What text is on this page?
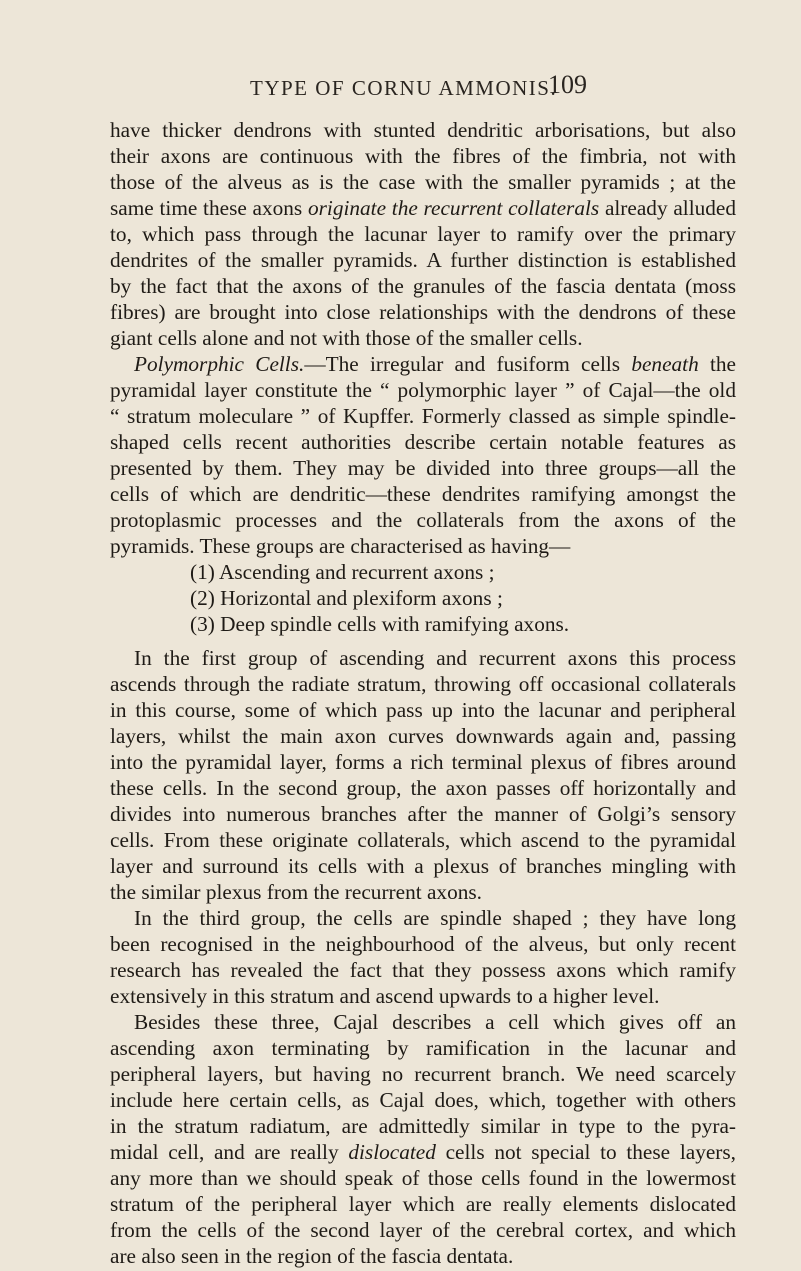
TYPE OF CORNU AMMONIS.
109
have thicker dendrons with stunted dendritic arborisations, but also
their axons are continuous with the fibres of the fimbria, not with
those of the alveus as is the case with the smaller pyramids ; at the
same time these axons originate the recurrent collaterals already alluded
to, which pass through the lacunar layer to ramify over the primary
dendrites of the smaller pyramids. A further distinction is established
by the fact that the axons of the granules of the fascia dentata (moss
fibres) are brought into close relationships with the dendrons of these
giant cells alone and not with those of the smaller cells.
Polymorphic Cells.—The irregular and fusiform cells beneath the
pyramidal layer constitute the “ polymorphic layer ” of Cajal—the old
“ stratum moleculare ” of Kupffer. Formerly classed as simple spindle-
shaped cells recent authorities describe certain notable features as
presented by them. They may be divided into three groups—all the
cells of which are dendritic—these dendrites ramifying amongst the
protoplasmic processes and the collaterals from the axons of the
pyramids. These groups are characterised as having—
(1) Ascending and recurrent axons ;
(2) Horizontal and plexiform axons ;
(3) Deep spindle cells with ramifying axons.
In the first group of ascending and recurrent axons this process
ascends through the radiate stratum, throwing off occasional collaterals
in this course, some of which pass up into the lacunar and peripheral
layers, whilst the main axon curves downwards again and, passing
into the pyramidal layer, forms a rich terminal plexus of fibres around
these cells. In the second group, the axon passes off horizontally and
divides into numerous branches after the manner of Golgi’s sensory
cells. From these originate collaterals, which ascend to the pyramidal
layer and surround its cells with a plexus of branches mingling with
the similar plexus from the recurrent axons.
In the third group, the cells are spindle shaped ; they have long
been recognised in the neighbourhood of the alveus, but only recent
research has revealed the fact that they possess axons which ramify
extensively in this stratum and ascend upwards to a higher level.
Besides these three, Cajal describes a cell which gives off an
ascending axon terminating by ramification in the lacunar and
peripheral layers, but having no recurrent branch. We need scarcely
include here certain cells, as Cajal does, which, together with others
in the stratum radiatum, are admittedly similar in type to the pyra-
midal cell, and are really dislocated cells not special to these layers,
any more than we should speak of those cells found in the lowermost
stratum of the peripheral layer which are really elements dislocated
from the cells of the second layer of the cerebral cortex, and which
are also seen in the region of the fascia dentata.
